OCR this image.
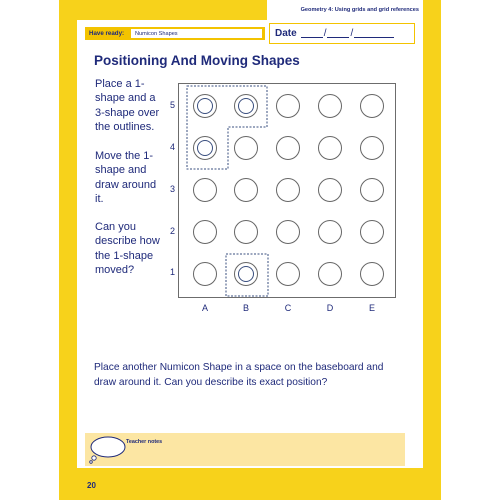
Geometry 4: Using grids and grid references
Have ready:	Numicon Shapes	Date	/ /
Positioning And Moving Shapes
Place a 1-shape and a 3-shape over the outlines.
Move the 1-shape and draw around it.
Can you describe how the 1-shape moved?
5
4
3
2
1
A	B	C	D	E
Place another Numicon Shape in a space on the baseboard and draw around it. Can you describe its exact position?
Teacher notes
20
